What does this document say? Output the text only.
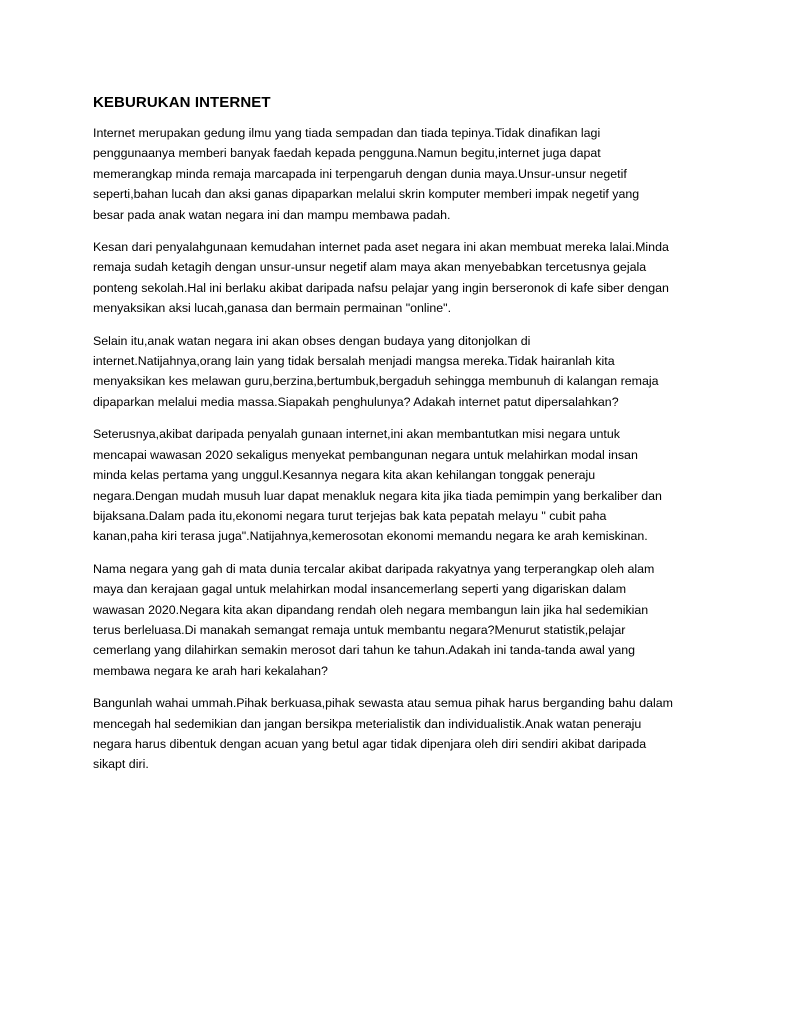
KEBURUKAN INTERNET

Internet merupakan gedung ilmu yang tiada sempadan dan tiada tepinya.Tidak dinafikan lagi
penggunaanya memberi banyak faedah kepada pengguna.Namun begitu,internet juga dapat
memerangkap minda remaja marcapada ini terpengaruh dengan dunia maya.Unsur-unsur negetif
seperti,bahan lucah dan aksi ganas dipaparkan melalui skrin komputer memberi impak negetif yang
besar pada anak watan negara ini dan mampu membawa padah.

Kesan dari penyalahgunaan kemudahan internet pada aset negara ini akan membuat mereka lalai.Minda
remaja sudah ketagih dengan unsur-unsur negetif alam maya akan menyebabkan tercetusnya gejala
ponteng sekolah.Hal ini berlaku akibat daripada nafsu pelajar yang ingin berseronok di kafe siber dengan
menyaksikan aksi lucah,ganasa dan bermain permainan "online".

Selain itu,anak watan negara ini akan obses dengan budaya yang ditonjolkan di
internet.Natijahnya,orang lain yang tidak bersalah menjadi mangsa mereka.Tidak hairanlah kita
menyaksikan kes melawan guru,berzina,bertumbuk,bergaduh sehingga membunuh di kalangan remaja
dipaparkan melalui media massa.Siapakah penghulunya? Adakah internet patut dipersalahkan?

Seterusnya,akibat daripada penyalah gunaan internet,ini akan membantutkan misi negara untuk
mencapai wawasan 2020 sekaligus menyekat pembangunan negara untuk melahirkan modal insan
minda kelas pertama yang unggul.Kesannya negara kita akan kehilangan tonggak peneraju
negara.Dengan mudah musuh luar dapat menakluk negara kita jika tiada pemimpin yang berkaliber dan
bijaksana.Dalam pada itu,ekonomi negara turut terjejas bak kata pepatah melayu " cubit paha
kanan,paha kiri terasa juga".Natijahnya,kemerosotan ekonomi memandu negara ke arah kemiskinan.

Nama negara yang gah di mata dunia tercalar akibat daripada rakyatnya yang terperangkap oleh alam
maya dan kerajaan gagal untuk melahirkan modal insancemerlang seperti yang digariskan dalam
wawasan 2020.Negara kita akan dipandang rendah oleh negara membangun lain jika hal sedemikian
terus berleluasa.Di manakah semangat remaja untuk membantu negara?Menurut statistik,pelajar
cemerlang yang dilahirkan semakin merosot dari tahun ke tahun.Adakah ini tanda-tanda awal yang
membawa negara ke arah hari kekalahan?

Bangunlah wahai ummah.Pihak berkuasa,pihak sewasta atau semua pihak harus berganding bahu dalam
mencegah hal sedemikian dan jangan bersikpa meterialistik dan individualistik.Anak watan peneraju
negara harus dibentuk dengan acuan yang betul agar tidak dipenjara oleh diri sendiri akibat daripada
sikapt diri.
